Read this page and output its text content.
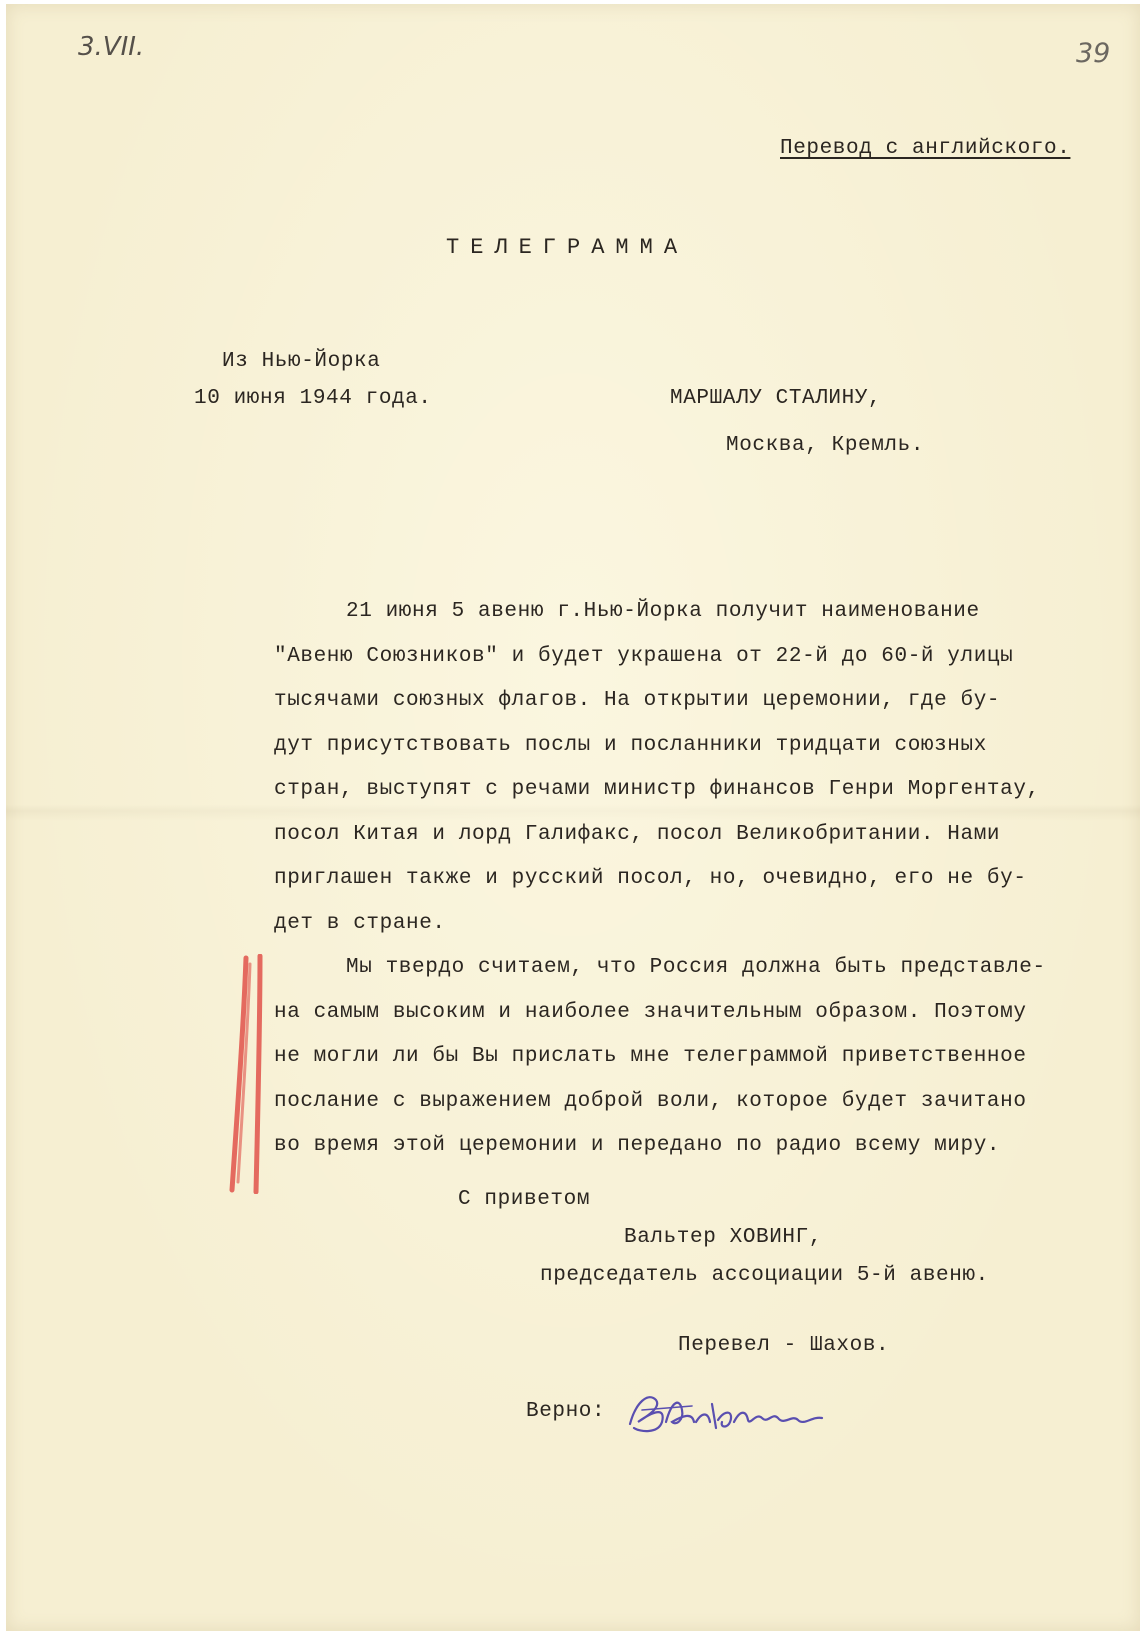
3.VII.	39
Перевод с английского.
ТЕЛЕГРАММА
Из Нью-Йорка
10 июня 1944 года.	МАРШАЛУ СТАЛИНУ,
Москва, Кремль.
21 июня 5 авеню г.Нью-Йорка получит наименование
"Авеню Союзников" и будет украшена от 22-й до 60-й улицы
тысячами союзных флагов. На открытии церемонии, где бу-
дут присутствовать послы и посланники тридцати союзных
стран, выступят с речами министр финансов Генри Моргентау,
посол Китая и лорд Галифакс, посол Великобритании. Нами
приглашен также и русский посол, но, очевидно, его не бу-
дет в стране.
Мы твердо считаем, что Россия должна быть представле-
на самым высоким и наиболее значительным образом. Поэтому
не могли ли бы Вы прислать мне телеграммой приветственное
послание с выражением доброй воли, которое будет зачитано
во время этой церемонии и передано по радио всему миру.
С приветом
Вальтер ХОВИНГ,
председатель ассоциации 5-й авеню.
Перевел - Шахов.
Верно:
